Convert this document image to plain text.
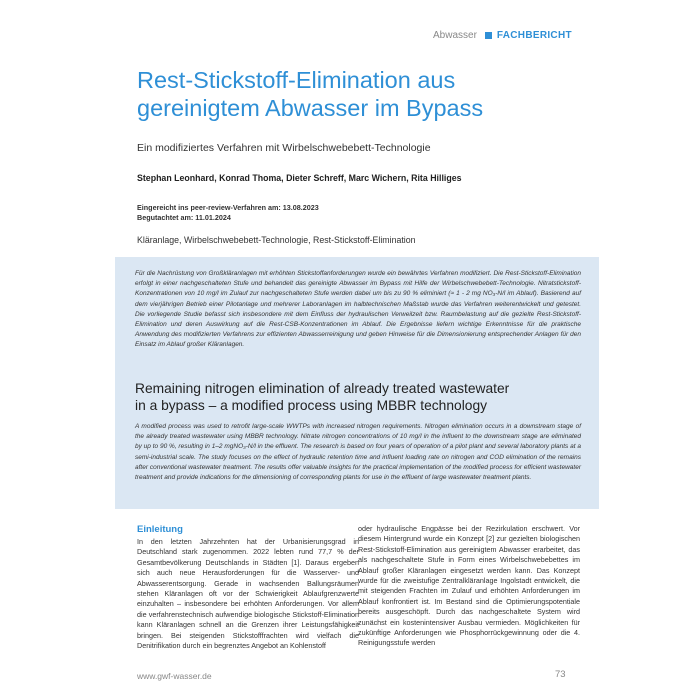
Abwasser FACHBERICHT
Rest-Stickstoff-Elimination aus
gereinigtem Abwasser im Bypass
Ein modifiziertes Verfahren mit Wirbelschwebebett-Technologie
Stephan Leonhard, Konrad Thoma, Dieter Schreff, Marc Wichern, Rita Hilliges
Eingereicht ins peer-review-Verfahren am: 13.08.2023
Begutachtet am: 11.01.2024
Kläranlage, Wirbelschwebebett-Technologie, Rest-Stickstoff-Elimination
Für die Nachrüstung von Großkläranlagen mit erhöhten Stickstoffanforderungen wurde ein bewährtes Verfahren modifiziert. Die Rest-Stickstoff-Elimination erfolgt in einer nachgeschalteten Stufe und behandelt das gereinigte Abwasser im Bypass mit Hilfe der Wirbelschwebebett-Technologie. Nitratstickstoff-Konzentrationen von 10 mg/l im Zulauf zur nachgeschalteten Stufe werden dabei um bis zu 90 % eliminiert (≈ 1 - 2 mg NO₃-N/l im Ablauf). Basierend auf dem vierjährigen Betrieb einer Pilotanlage und mehrerer Laboranlagen im halbtechnischen Maßstab wurde das Verfahren weiterentwickelt und getestet. Die vorliegende Studie befasst sich insbesondere mit dem Einfluss der hydraulischen Verweilzeit bzw. Raumbelastung auf die gezielte Rest-Stickstoff-Elimination und deren Auswirkung auf die Rest-CSB-Konzentrationen im Ablauf. Die Ergebnisse liefern wichtige Erkenntnisse für die praktische Anwendung des modifizierten Verfahrens zur effizienten Abwasserreinigung und geben Hinweise für die Dimensionierung entsprechender Anlagen für den Einsatz im Ablauf großer Kläranlagen.
Remaining nitrogen elimination of already treated wastewater
in a bypass – a modified process using MBBR technology
A modified process was used to retrofit large-scale WWTPs with increased nitrogen requirements. Nitrogen elimination occurs in a downstream stage of the already treated wastewater using MBBR technology. Nitrate nitrogen concentrations of 10 mg/l in the influent to the downstream stage are eliminated by up to 90 %, resulting in 1–2 mgNO₃-N/l in the effluent. The research is based on four years of operation of a pilot plant and several laboratory plants at a semi-industrial scale. The study focuses on the effect of hydraulic retention time and influent loading rate on nitrogen and COD elimination of the remains after conventional wastewater treatment. The results offer valuable insights for the practical implementation of the modified process for efficient wastewater treatment and provide indications for the dimensioning of corresponding plants for use in the effluent of large wastewater treatment plants.
Einleitung

In den letzten Jahrzehnten hat der Urbanisierungsgrad in Deutschland stark zugenommen. 2022 lebten rund 77,7 % der Gesamtbevölkerung Deutschlands in Städten [1]. Daraus ergeben sich auch neue Herausforderungen für die Wasserver- und Abwasserentsorgung. Gerade in wachsenden Ballungsräumen stehen Kläranlagen oft vor der Schwierigkeit Ablaufgrenzwerte einzuhalten – insbesondere bei erhöhten Anforderungen. Vor allem die verfahrenstechnisch aufwendige biologische Stickstoff-Elimination kann Kläranlagen schnell an die Grenzen ihrer Leistungsfähigkeit bringen. Bei steigenden Stickstofffrachten wird vielfach die Denitrifikation durch ein begrenztes Angebot an Kohlenstoff

oder hydraulische Engpässe bei der Rezirkulation erschwert. Vor diesem Hintergrund wurde ein Konzept [2] zur gezielten biologischen Rest-Stickstoff-Elimination aus gereinigtem Abwasser erarbeitet, das als nachgeschaltete Stufe in Form eines Wirbelschwebebettes im Ablauf großer Kläranlagen eingesetzt werden kann. Das Konzept wurde für die zweistufige Zentralkläranlage Ingolstadt entwickelt, die mit steigenden Frachten im Zulauf und erhöhten Anforderungen im Ablauf konfrontiert ist. Im Bestand sind die Optimierungspotentiale bereits ausgeschöpft. Durch das nachgeschaltete System wird zunächst ein kostenintensiver Ausbau vermieden. Möglichkeiten für zukünftige Anforderungen wie Phosphorrückgewinnung oder die 4. Reinigungsstufe werden

www.gwf-wasser.de	73
